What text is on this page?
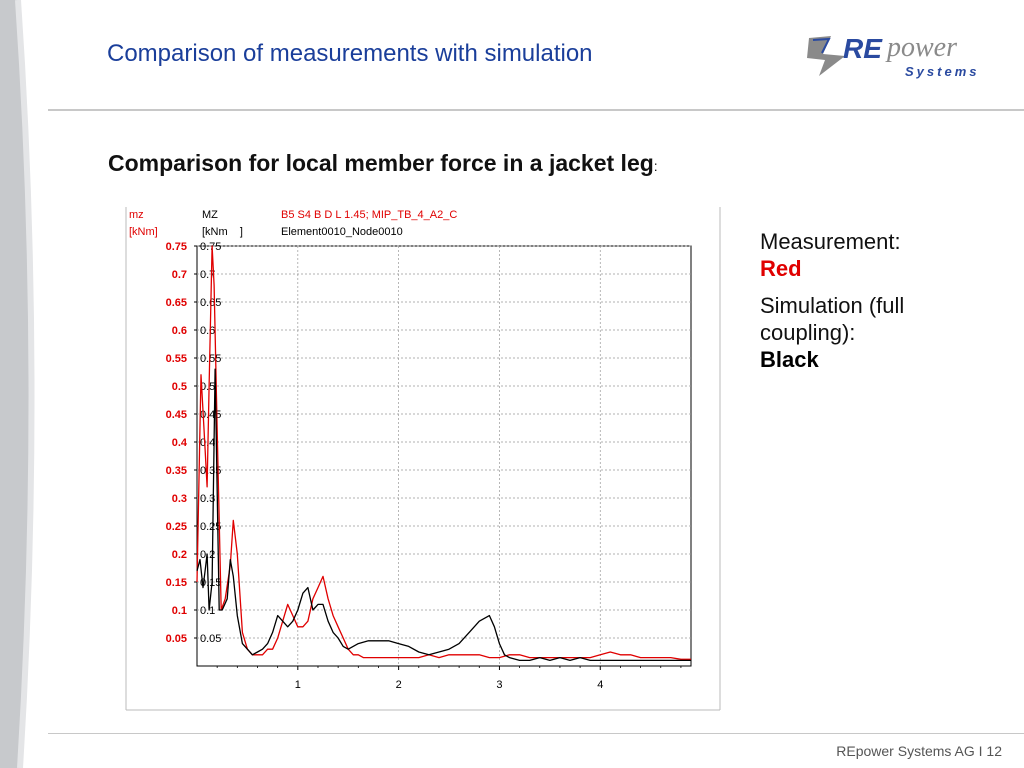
Comparison of measurements with simulation	RE power
Systems
Comparison for local member force in a jacket leg:
mz
[kNm]
MZ
[kNm    ]
B5 S4 B D L 1.45; MIP_TB_4_A2_C
Element0010_Node0010
0.75 0.75
0.7 0.7
0.65 0.65
0.6 0.6
0.55 0.55
0.5 0.5
0.45 0.45
0.4 0.4
0.35 0.35
0.3 0.3
0.25 0.25
0.2 0.2
0.15 0.15
0.1 0.1
0.05 0.05
1	2	3	4
Measurement:
Red
Simulation (full
coupling):
Black
REpower Systems AG I 12
